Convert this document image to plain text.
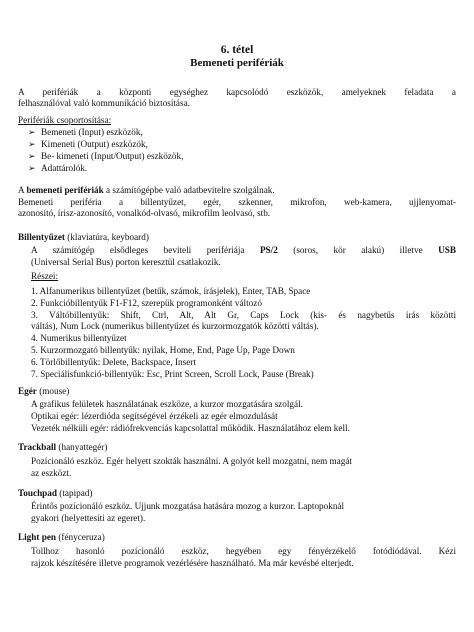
6. tétel
Bemeneti perifériák
A perifériák a központi egységhez kapcsolódó eszközök, amelyeknek feladata a
felhasználóval való kommunikáció biztosítása.
Perifériák csoportosítása:
➢ Bemeneti (Input) eszközök,
➢ Kimeneti (Output) eszközök,
➢ Be- kimeneti (Input/Output) eszközök,
➢ Adattárolók.
A bemeneti perifériák a számítógépbe való adatbevitelre szolgálnak.
Bemeneti periféria a billentyűzet, egér, szkenner, mikrofon, web-kamera, ujjlenyomat-
azonosító, írisz-azonosító, vonalkód-olvasó, mikrofilm leolvasó, stb.
Billentyűzet (klaviatúra, keyboard)
A számítógép elsődleges beviteli perifériája PS/2 (soros, kör alakú) illetve USB
(Universal Serial Bus) porton keresztül csatlakozik.
Részei:
1. Alfanumerikus billentyűzet (betűk, számok, írásjelek), Enter, TAB, Space
2. Funkcióbillentyűk F1-F12, szerepük programonként változó
3. Váltóbillentyűk: Shift, Ctrl, Alt, Alt Gr, Caps Lock (kis- és nagybetűs írás közötti
váltás), Num Lock (numerikus billentyűzet és kurzormozgatók közötti váltás).
4. Numerikus billentyűzet
5. Kurzormozgató billentyűk: nyilak, Home, End, Page Up, Page Down
6. Törlőbillentyűk: Delete, Backspace, Insert
7. Speciálisfunkció-billentyűk: Esc, Print Screen, Scroll Lock, Pause (Break)
Egér (mouse)
A grafikus felületek használatának eszköze, a kurzor mozgatására szolgál.
Optikai egér: lézerdióda segítségével érzékeli az egér elmozdulását
Vezeték nélküli egér: rádiófrekvenciás kapcsolattal működik. Használatához elem kell.
Trackball (hanyattegér)
Pozícionáló eszköz. Egér helyett szokták használni. A golyót kell mozgatni, nem magát
az eszközt.
Touchpad (tapipad)
Érintős pozícionáló eszköz. Ujjunk mozgatása hatására mozog a kurzor. Laptopoknál
gyakori (helyettesíti az egeret).
Light pen (fényceruza)
Tollhoz hasonló pozícionáló eszköz, hegyében egy fényérzékelő fotódiódával. Kézi
rajzok készítésére illetve programok vezérlésére használható. Ma már kevésbé elterjedt.
